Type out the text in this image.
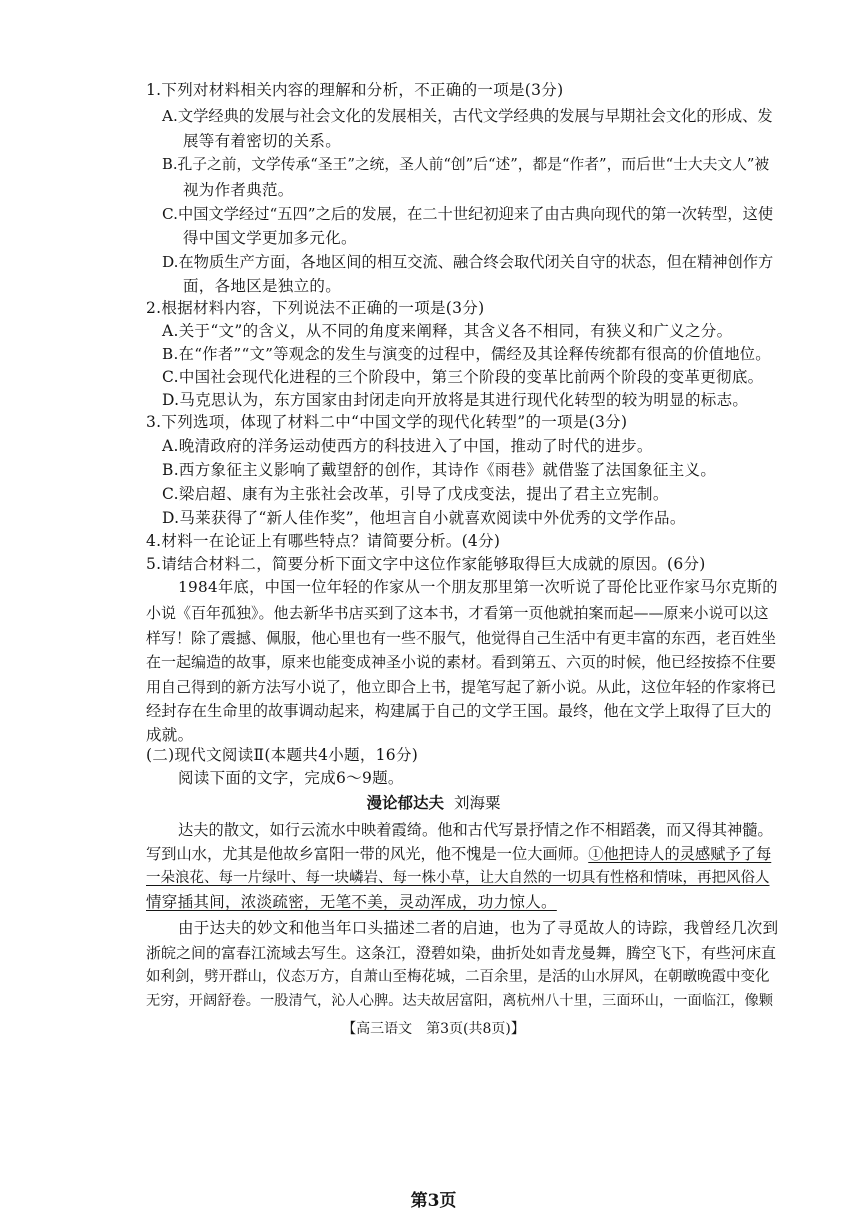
1.下列对材料相关内容的理解和分析，不正确的一项是(3分)
A.文学经典的发展与社会文化的发展相关，古代文学经典的发展与早期社会文化的形成、发
展等有着密切的关系。
B.孔子之前，文学传承“圣王”之统，圣人前“创”后“述”，都是“作者”，而后世“士大夫文人”被
视为作者典范。
C.中国文学经过“五四”之后的发展，在二十世纪初迎来了由古典向现代的第一次转型，这使
得中国文学更加多元化。
D.在物质生产方面，各地区间的相互交流、融合终会取代闭关自守的状态，但在精神创作方
面，各地区是独立的。
2.根据材料内容，下列说法不正确的一项是(3分)
A.关于“文”的含义，从不同的角度来阐释，其含义各不相同，有狭义和广义之分。
B.在“作者”“文”等观念的发生与演变的过程中，儒经及其诠释传统都有很高的价值地位。
C.中国社会现代化进程的三个阶段中，第三个阶段的变革比前两个阶段的变革更彻底。
D.马克思认为，东方国家由封闭走向开放将是其进行现代化转型的较为明显的标志。
3.下列选项，体现了材料二中“中国文学的现代化转型”的一项是(3分)
A.晚清政府的洋务运动使西方的科技进入了中国，推动了时代的进步。
B.西方象征主义影响了戴望舒的创作，其诗作《雨巷》就借鉴了法国象征主义。
C.梁启超、康有为主张社会改革，引导了戊戌变法，提出了君主立宪制。
D.马莱获得了“新人佳作奖”，他坦言自小就喜欢阅读中外优秀的文学作品。
4.材料一在论证上有哪些特点？请简要分析。(4分)
5.请结合材料二，简要分析下面文字中这位作家能够取得巨大成就的原因。(6分)
1984年底，中国一位年轻的作家从一个朋友那里第一次听说了哥伦比亚作家马尔克斯的
小说《百年孤独》。他去新华书店买到了这本书，才看第一页他就拍案而起——原来小说可以这
样写！除了震撼、佩服，他心里也有一些不服气，他觉得自己生活中有更丰富的东西，老百姓坐
在一起编造的故事，原来也能变成神圣小说的素材。看到第五、六页的时候，他已经按捺不住要
用自己得到的新方法写小说了，他立即合上书，提笔写起了新小说。从此，这位年轻的作家将已
经封存在生命里的故事调动起来，构建属于自己的文学王国。最终，他在文学上取得了巨大的
成就。
(二)现代文阅读Ⅱ(本题共4小题，16分)
阅读下面的文字，完成6～9题。
漫论郁达夫 刘海粟
达夫的散文，如行云流水中映着霞绮。他和古代写景抒情之作不相蹈袭，而又得其神髓。
写到山水，尤其是他故乡富阳一带的风光，他不愧是一位大画师。①他把诗人的灵感赋予了每
一朵浪花、每一片绿叶、每一块嶙岩、每一株小草，让大自然的一切具有性格和情味，再把风俗人
情穿插其间，浓淡疏密，无笔不美，灵动浑成，功力惊人。
由于达夫的妙文和他当年口头描述二者的启迪，也为了寻觅故人的诗踪，我曾经几次到
浙皖之间的富春江流域去写生。这条江，澄碧如染，曲折处如青龙曼舞，腾空飞下，有些河床直
如利剑，劈开群山，仪态万方，自萧山至梅花城，二百余里，是活的山水屏风，在朝暾晚霞中变化
无穷，开阔舒卷。一股清气，沁人心脾。达夫故居富阳，离杭州八十里，三面环山，一面临江，像颗
【高三语文　第3页(共8页)】
第3页
